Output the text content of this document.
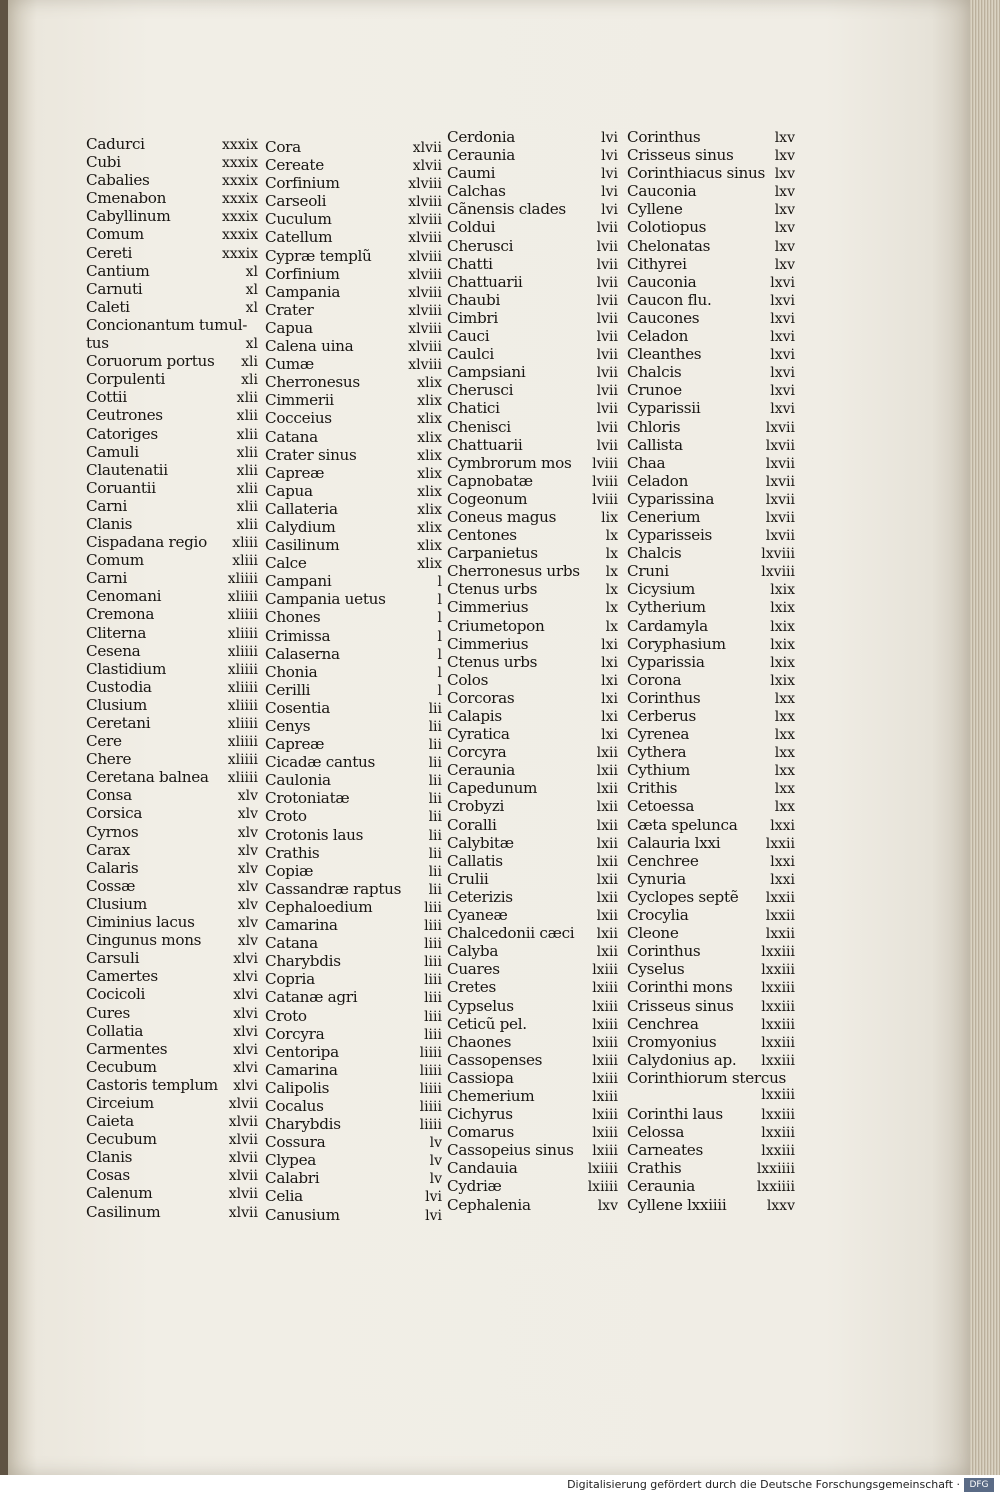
Cadurci	xxxix
Cubi	xxxix
Cabalies	xxxix
Cmenabon	xxxix
Cabyllinum	xxxix
Comum	xxxix
Cereti	xxxix
Cantium	xl
Carnuti	xl
Caleti	xl
Concionantum tumul-
tus	xl
Coruorum portus xli
Corpulenti	xli
Cottii	xlii
Ceutrones	xlii
Catoriges	xlii
Camuli	xlii
Clautenatii	xlii
Coruantii	xlii
Carni	xlii
Clanis	xlii
Cispadana regio xliii
Comum	xliii
Carni	xliiii
Cenomani	xliiii
Cremona	xliiii
Cliterna	xliiii
Cesena	xliiii
Clastidium	xliiii
Custodia	xliiii
Clusium	xliiii
Ceretani	xliiii
Cere	xliiii
Chere	xliiii
Ceretana balnea xliiii
Consa	xlv
Corsica	xlv
Cyrnos	xlv
Carax	xlv
Calaris	xlv
Cossæ	xlv
Clusium	xlv
Ciminius lacus	xlv
Cingunus mons	xlv
Carsuli	xlvi
Camertes	xlvi
Cocicoli	xlvi
Cures	xlvi
Collatia	xlvi
Carmentes	xlvi
Cecubum	xlvi
Castoris templum xlvi
Circeium	xlvii
Caieta	xlvii
Cecubum	xlvii
Clanis	xlvii
Cosas	xlvii
Calenum	xlvii
Casilinum	xlvii
Cora	xlvii
Cereate	xlvii
Corfinium	xlviii
Carseoli	xlviii
Cuculum	xlviii
Catellum	xlviii
Cypræ templũ	xlviii
Corfinium	xlviii
Campania	xlviii
Crater	xlviii
Capua	xlviii
Calena uina	xlviii
Cumæ	xlviii
Cherronesus	xlix
Cimmerii	xlix
Cocceius	xlix
Catana	xlix
Crater sinus	xlix
Capreæ	xlix
Capua	xlix
Callateria	xlix
Calydium	xlix
Casilinum	xlix
Calce	xlix
Campani	l
Campania uetus	l
Chones	l
Crimissa	l
Calaserna	l
Chonia	l
Cerilli	l
Cosentia	lii
Cenys	lii
Capreæ	lii
Cicadæ cantus	lii
Caulonia	lii
Crotoniatæ	lii
Croto	lii
Crotonis laus	lii
Crathis	lii
Copiæ	lii
Cassandræ raptus lii
Cephaloedium	liii
Camarina	liii
Catana	liii
Charybdis	liii
Copria	liii
Catanæ agri	liii
Croto	liii
Corcyra	liii
Centoripa	liiii
Camarina	liiii
Calipolis	liiii
Cocalus	liiii
Charybdis	liiii
Cossura	lv
Clypea	lv
Calabri	lv
Celia	lvi
Canusium	lvi
Cerdonia	lvi
Ceraunia	lvi
Caumi	lvi
Calchas	lvi
Cãnensis clades	lvi
Coldui	lvii
Cherusci	lvii
Chatti	lvii
Chattuarii	lvii
Chaubi	lvii
Cimbri	lvii
Cauci	lvii
Caulci	lvii
Campsiani	lvii
Cherusci	lvii
Chatici	lvii
Chenisci	lvii
Chattuarii	lvii
Cymbrorum mos lviii
Capnobatæ	lviii
Cogeonum	lviii
Coneus magus	lix
Centones	lx
Carpanietus	lx
Cherronesus urbs lx
Ctenus urbs	lx
Cimmerius	lx
Criumetopon	lx
Cimmerius	lxi
Ctenus urbs	lxi
Colos	lxi
Corcoras	lxi
Calapis	lxi
Cyratica	lxi
Corcyra	lxii
Ceraunia	lxii
Capedunum	lxii
Crobyzi	lxii
Coralli	lxii
Calybitæ	lxii
Callatis	lxii
Crulii	lxii
Ceterizis	lxii
Cyaneæ	lxii
Chalcedonii cæci lxii
Calyba	lxii
Cuares	lxiii
Cretes	lxiii
Cypselus	lxiii
Ceticũ pel.	lxiii
Chaones	lxiii
Cassopenses	lxiii
Cassiopa	lxiii
Chemerium	lxiii
Cichyrus	lxiii
Comarus	lxiii
Cassopeius sinus lxiii
Candauia	lxiiii
Cydriæ	lxiiii
Cephalenia	lxv
Corinthus	lxv
Crisseus sinus	lxv
Corinthiacus sinus lxv
Cauconia	lxv
Cyllene	lxv
Colotiopus	lxv
Chelonatas	lxv
Cithyrei	lxv
Cauconia	lxvi
Caucon flu.	lxvi
Caucones	lxvi
Celadon	lxvi
Cleanthes	lxvi
Chalcis	lxvi
Crunoe	lxvi
Cyparissii	lxvi
Chloris	lxvii
Callista	lxvii
Chaa	lxvii
Celadon	lxvii
Cyparissina	lxvii
Cenerium	lxvii
Cyparisseis	lxvii
Chalcis	lxviii
Cruni	lxviii
Cicysium	lxix
Cytherium	lxix
Cardamyla	lxix
Coryphasium	lxix
Cyparissia	lxix
Corona	lxix
Corinthus	lxx
Cerberus	lxx
Cyrenea	lxx
Cythera	lxx
Cythium	lxx
Crithis	lxx
Cetoessa	lxx
Cæta spelunca lxxi
Calauria lxxi	lxxii
Cenchree	lxxi
Cynuria	lxxi
Cyclopes septẽ lxxii
Crocylia	lxxii
Cleone	lxxii
Corinthus	lxxiii
Cyselus	lxxiii
Corinthi mons lxxiii
Crisseus sinus lxxiii
Cenchrea	lxxiii
Cromyonius	lxxiii
Calydonius ap. lxxiii
Corinthiorum stercus
lxxiii
Corinthi laus	lxxiii
Celossa	lxxiii
Carneates	lxxiii
Crathis	lxxiiii
Ceraunia	lxxiiii
Cyllene lxxiiii	lxxv
Digitalisierung gefördert durch die Deutsche Forschungsgemeinschaft ·	DFG
